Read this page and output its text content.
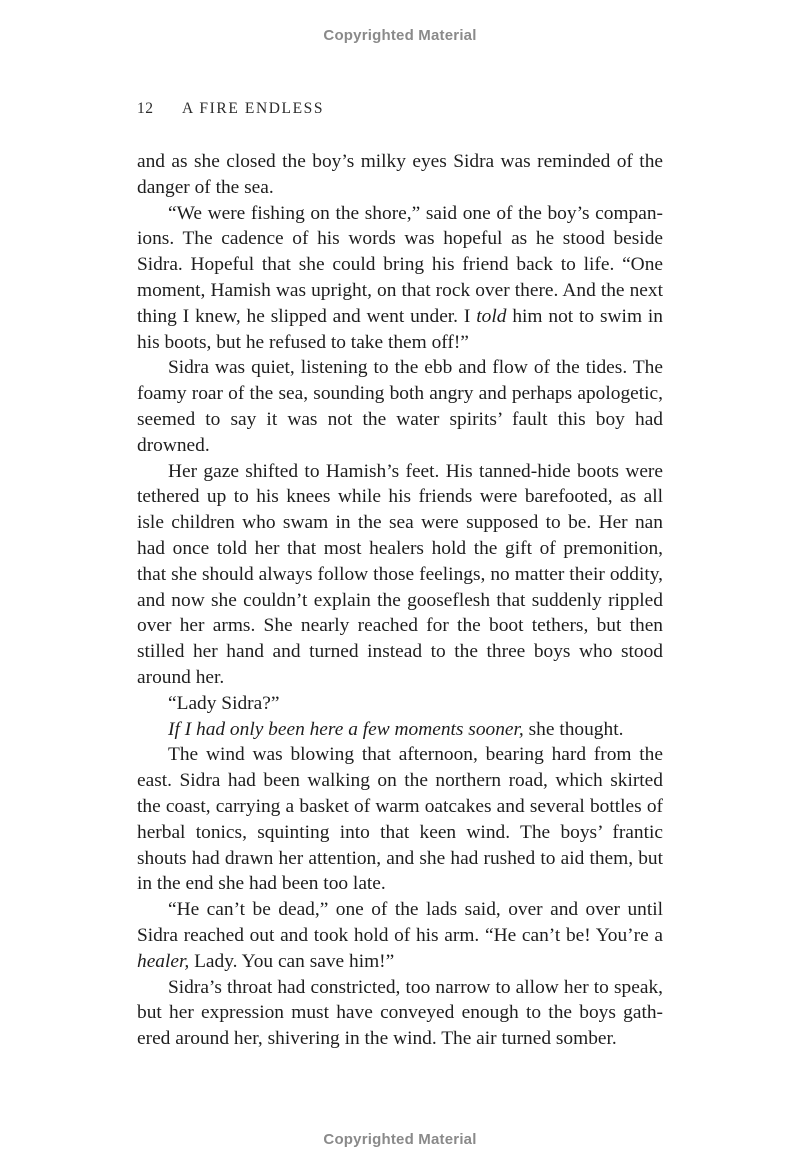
Copyrighted Material
12 A FIRE ENDLESS

and as she closed the boy’s milky eyes Sidra was reminded of the danger of the sea.

“We were fishing on the shore,” said one of the boy’s companions. The cadence of his words was hopeful as he stood beside Sidra. Hopeful that she could bring his friend back to life. “One moment, Hamish was upright, on that rock over there. And the next thing I knew, he slipped and went under. I told him not to swim in his boots, but he refused to take them off!”

Sidra was quiet, listening to the ebb and flow of the tides. The foamy roar of the sea, sounding both angry and perhaps apologetic, seemed to say it was not the water spirits’ fault this boy had drowned.

Her gaze shifted to Hamish’s feet. His tanned-hide boots were tethered up to his knees while his friends were barefooted, as all isle children who swam in the sea were supposed to be. Her nan had once told her that most healers hold the gift of premonition, that she should always follow those feelings, no matter their oddity, and now she couldn’t explain the gooseflesh that suddenly rippled over her arms. She nearly reached for the boot tethers, but then stilled her hand and turned instead to the three boys who stood around her.

“Lady Sidra?”

If I had only been here a few moments sooner, she thought.

The wind was blowing that afternoon, bearing hard from the east. Sidra had been walking on the northern road, which skirted the coast, carrying a basket of warm oatcakes and several bottles of herbal tonics, squinting into that keen wind. The boys’ frantic shouts had drawn her attention, and she had rushed to aid them, but in the end she had been too late.

“He can’t be dead,” one of the lads said, over and over until Sidra reached out and took hold of his arm. “He can’t be! You’re a healer, Lady. You can save him!”

Sidra’s throat had constricted, too narrow to allow her to speak, but her expression must have conveyed enough to the boys gathered around her, shivering in the wind. The air turned somber.

Copyrighted Material
